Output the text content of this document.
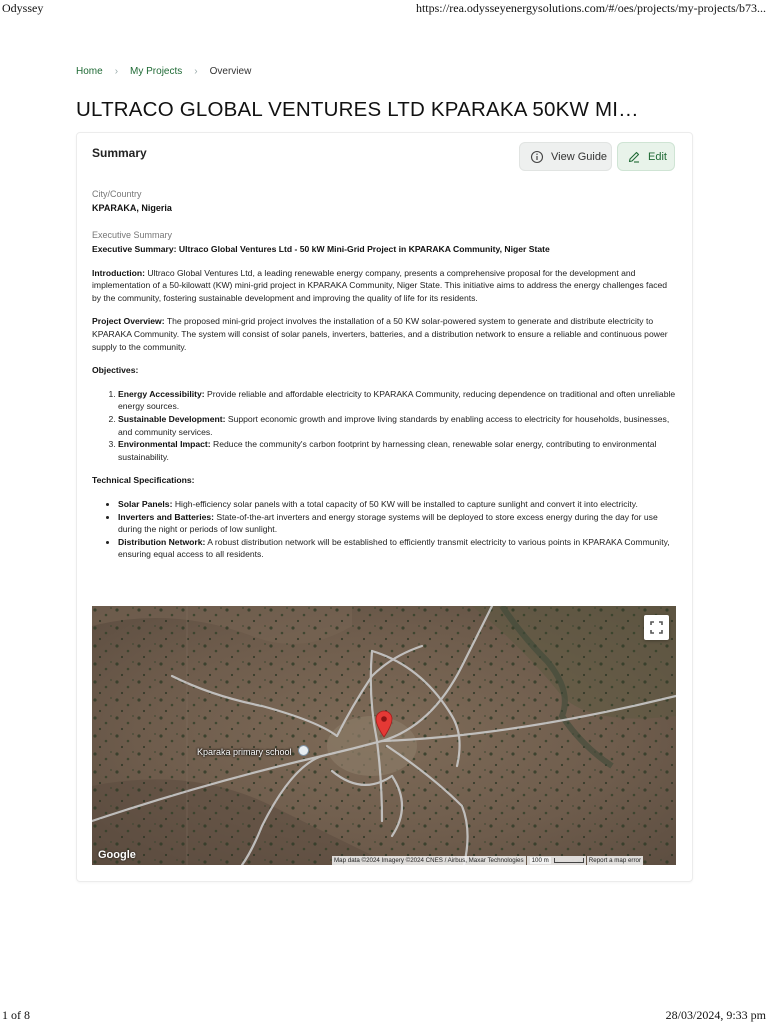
Odyssey	https://rea.odysseyenergysolutions.com/#/oes/projects/my-projects/b73...
Home › My Projects › Overview
ULTRACO GLOBAL VENTURES LTD KPARAKA 50KW MI…
Summary	View Guide	Edit
City/Country
KPARAKA, Nigeria
Executive Summary

Executive Summary: Ultraco Global Ventures Ltd - 50 kW Mini-Grid Project in KPARAKA Community, Niger State

Introduction: Ultraco Global Ventures Ltd, a leading renewable energy company, presents a comprehensive proposal for the development and implementation of a 50-kilowatt (KW) mini-grid project in KPARAKA Community, Niger State. This initiative aims to address the energy challenges faced by the community, fostering sustainable development and improving the quality of life for its residents.

Project Overview: The proposed mini-grid project involves the installation of a 50 KW solar-powered system to generate and distribute electricity to KPARAKA Community. The system will consist of solar panels, inverters, batteries, and a distribution network to ensure a reliable and continuous power supply to the community.

Objectives:

1. Energy Accessibility: Provide reliable and affordable electricity to KPARAKA Community, reducing dependence on traditional and often unreliable energy sources.
2. Sustainable Development: Support economic growth and improve living standards by enabling access to electricity for households, businesses, and community services.
3. Environmental Impact: Reduce the community's carbon footprint by harnessing clean, renewable solar energy, contributing to environmental sustainability.

Technical Specifications:

• Solar Panels: High-efficiency solar panels with a total capacity of 50 KW will be installed to capture sunlight and convert it into electricity.
• Inverters and Batteries: State-of-the-art inverters and energy storage systems will be deployed to store excess energy during the day for use during the night or periods of low sunlight.
• Distribution Network: A robust distribution network will be established to efficiently transmit electricity to various points in KPARAKA Community, ensuring equal access to all residents.
Kparaka primary school
Google	Map data ©2024 Imagery ©2024 CNES / Airbus, Maxar Technologies	100 m	Report a map error
1 of 8	28/03/2024, 9:33 pm
